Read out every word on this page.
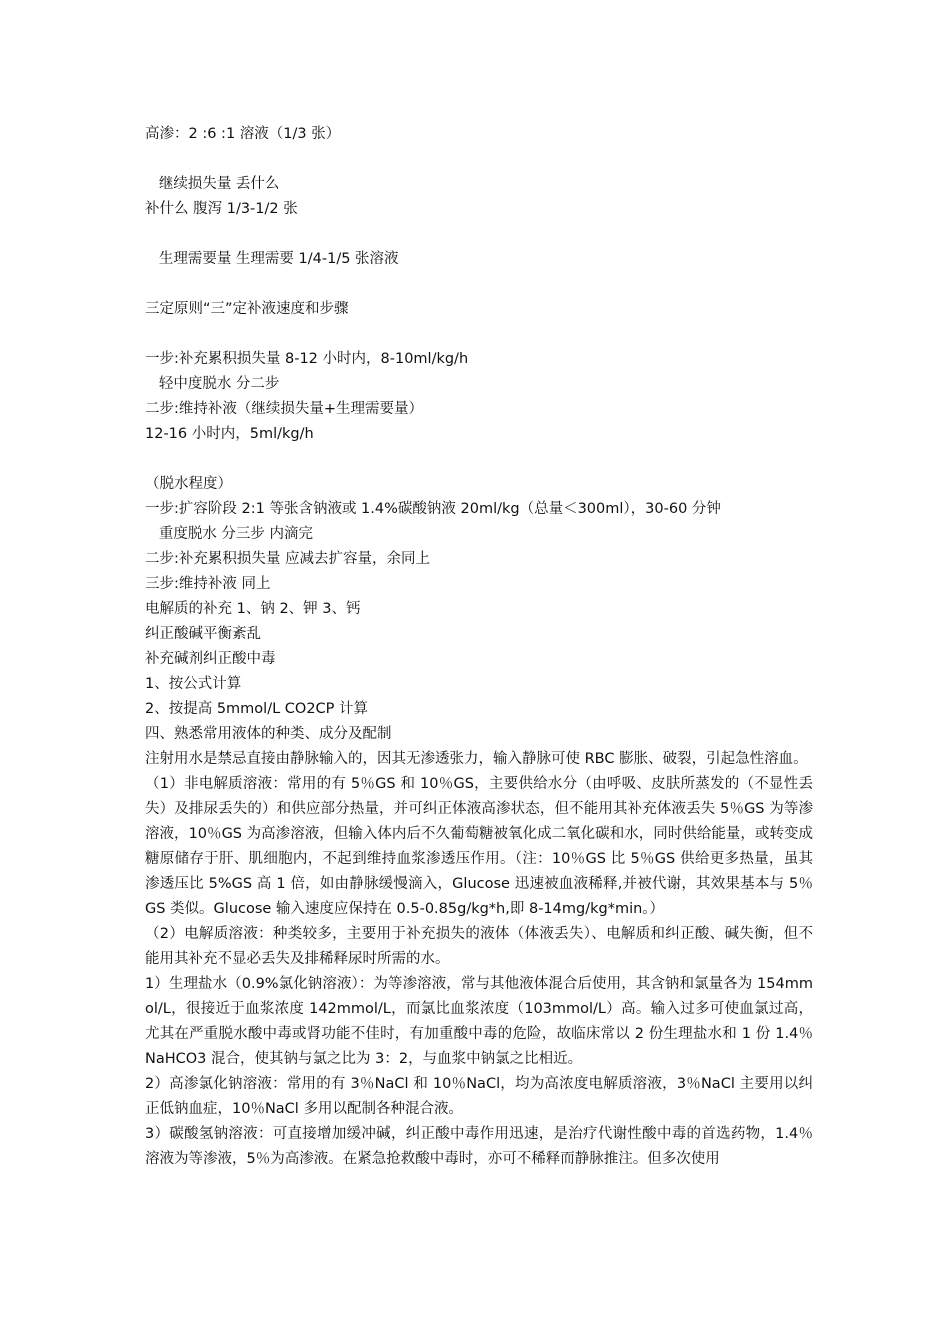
高渗：2 :6 :1 溶液（1/3 张）
继续损失量 丢什么
补什么 腹泻 1/3-1/2 张
生理需要量 生理需要 1/4-1/5 张溶液
三定原则“三”定补液速度和步骤
一步:补充累积损失量 8-12 小时内，8-10ml/kg/h
轻中度脱水 分二步
二步:维持补液（继续损失量+生理需要量）
12-16 小时内，5ml/kg/h
（脱水程度）
一步:扩容阶段 2:1 等张含钠液或 1.4%碳酸钠液 20ml/kg（总量＜300ml），30-60 分钟
重度脱水 分三步 内滴完
二步:补充累积损失量 应减去扩容量，余同上
三步:维持补液 同上
电解质的补充 1、钠 2、钾 3、钙
纠正酸碱平衡紊乱
补充碱剂纠正酸中毒
1、按公式计算
2、按提高 5mmol/L CO2CP 计算
四、熟悉常用液体的种类、成分及配制
注射用水是禁忌直接由静脉输入的，因其无渗透张力，输入静脉可使 RBC 膨胀、破裂，引起急性溶血。
（1）非电解质溶液：常用的有 5％GS 和 10％GS，主要供给水分（由呼吸、皮肤所蒸发的（不显性丢失）及排尿丢失的）和供应部分热量，并可纠正体液高渗状态，但不能用其补充体液丢失 5％GS 为等渗溶液，10％GS 为高渗溶液，但输入体内后不久葡萄糖被氧化成二氧化碳和水，同时供给能量，或转变成糖原储存于肝、肌细胞内，不起到维持血浆渗透压作用。（注：10％GS 比 5％GS 供给更多热量，虽其渗透压比 5%GS 高 1 倍，如由静脉缓慢滴入，Glucose 迅速被血液稀释,并被代谢，其效果基本与 5％GS 类似。Glucose 输入速度应保持在 0.5-0.85g/kg*h,即 8-14mg/kg*min。）
（2）电解质溶液：种类较多，主要用于补充损失的液体（体液丢失）、电解质和纠正酸、碱失衡，但不能用其补充不显必丢失及排稀释尿时所需的水。
1）生理盐水（0.9%氯化钠溶液）：为等渗溶液，常与其他液体混合后使用，其含钠和氯量各为 154mmol/L，很接近于血浆浓度 142mmol/L，而氯比血浆浓度（103mmol/L）高。输入过多可使血氯过高，尤其在严重脱水酸中毒或肾功能不佳时，有加重酸中毒的危险，故临床常以 2 份生理盐水和 1 份 1.4％NaHCO3 混合，使其钠与氯之比为 3：2，与血浆中钠氯之比相近。
2）高渗氯化钠溶液：常用的有 3％NaCl 和 10％NaCl，均为高浓度电解质溶液，3％NaCl 主要用以纠正低钠血症，10％NaCl 多用以配制各种混合液。
3）碳酸氢钠溶液：可直接增加缓冲碱，纠正酸中毒作用迅速，是治疗代谢性酸中毒的首选药物，1.4％溶液为等渗液，5％为高渗液。在紧急抢救酸中毒时，亦可不稀释而静脉推注。但多次使用
